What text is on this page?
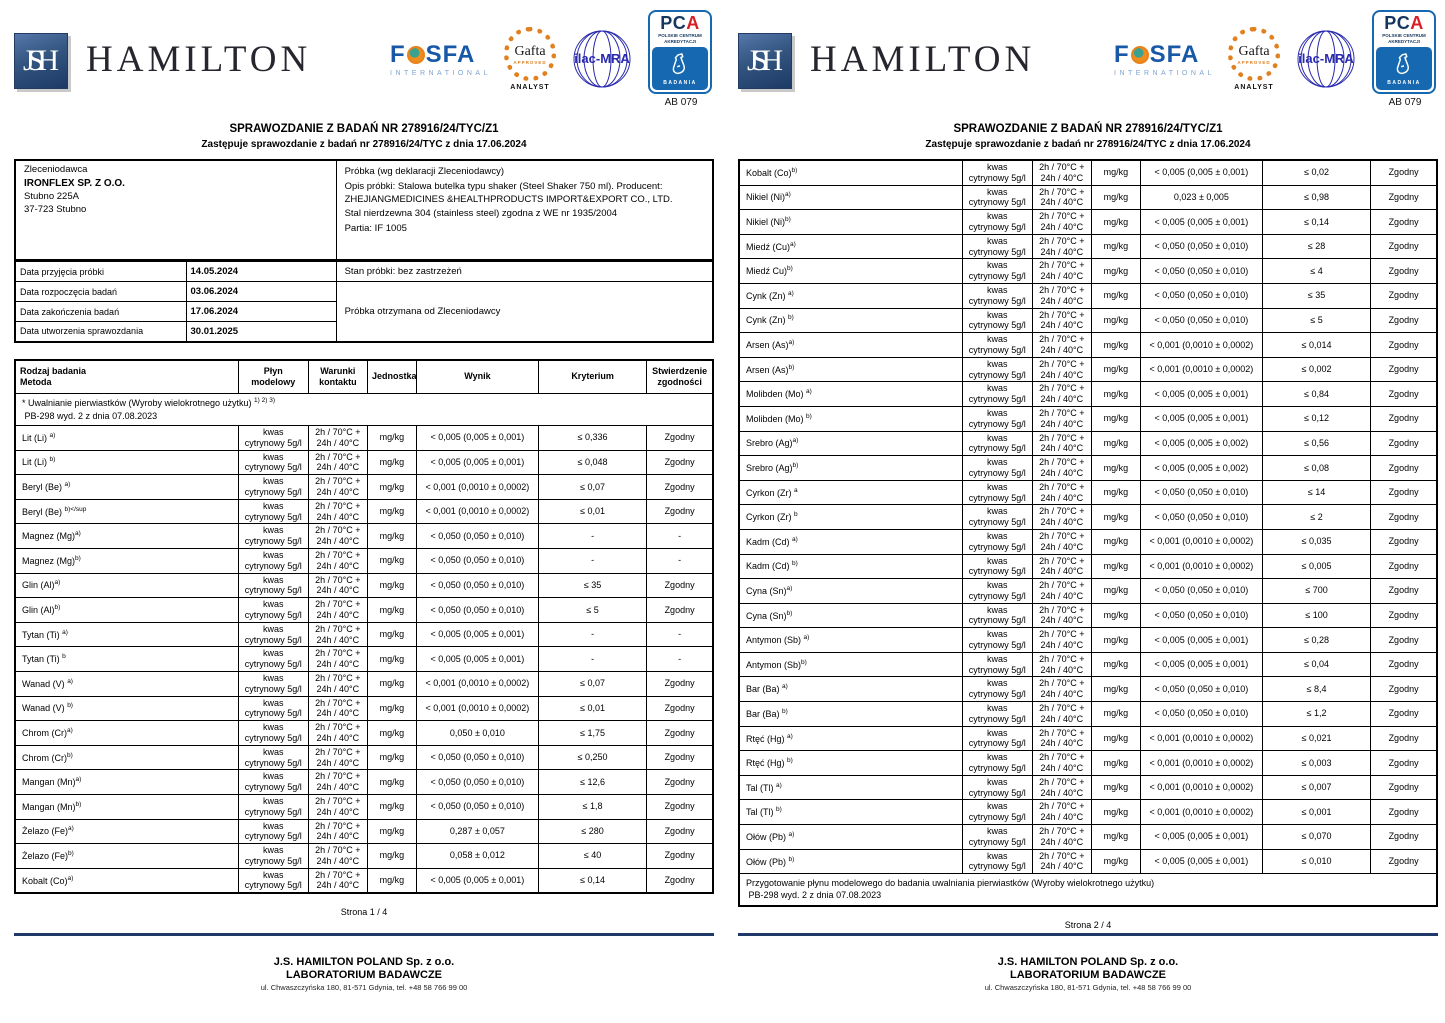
JSH HAMILTON	F SFA
INTERNATIONAL
Gafta
APPROVED
ANALYST
ilac-MRA
PCA
POLSKIE CENTRUM AKREDYTACJI
BADANIA
AB 079
SPRAWOZDANIE Z BADAŃ NR 278916/24/TYC/Z1
Zastępuje sprawozdanie z badań nr 278916/24/TYC z dnia 17.06.2024
Zleceniodawca
IRONFLEX SP. Z O.O.
Stubno 225A
37-723 Stubno

Próbka (wg deklaracji Zleceniodawcy)
Opis próbki: Stalowa butelka typu shaker (Steel Shaker 750 ml). Producent: ZHEJIANGMEDICINES &HEALTHPRODUCTS IMPORT&EXPORT CO., LTD.
Stal nierdzewna 304 (stainless steel) zgodna z WE nr 1935/2004
Partia: IF 1005
Data przyjęcia próbki	14.05.2024	Stan próbki: bez zastrzeżeń
Data rozpoczęcia badań	03.06.2024	Próbka otrzymana od Zleceniodawcy
Data zakończenia badań	17.06.2024	
Data utworzenia sprawozdania	30.01.2025	
Rodzaj badania
Metoda	Płyn modelowy	Warunki kontaktu	Jednostka	Wynik	Kryterium	Stwierdzenie zgodności

* Uwalnianie pierwiastków (Wyroby wielokrotnego użytku) $^{1) 2) 3)}$
PB-298 wyd. 2 z dnia 07.08.2023						

Lit (Li) $^{a)}$	kwas cytrynowy 5g/l	2h / 70°C + 24h / 40°C	mg/kg	< 0,005 (0,005 ± 0,001)	≤ 0,336	Zgodny
Lit (Li) $^{b)}$	kwas cytrynowy 5g/l	2h / 70°C + 24h / 40°C	mg/kg	< 0,005 (0,005 ± 0,001)	≤ 0,048	Zgodny
Beryl (Be) $^{a)}$	kwas cytrynowy 5g/l	2h / 70°C + 24h / 40°C	mg/kg	< 0,001 (0,0010 ± 0,0002)	≤ 0,07	Zgodny
Beryl (Be) $^{b)</sup}$	kwas cytrynowy 5g/l	2h / 70°C + 24h / 40°C	mg/kg	< 0,001 (0,0010 ± 0,0002)	≤ 0,01	Zgodny
Magnez $(Mg)^{a)}$	kwas cytrynowy 5g/l	2h / 70°C + 24h / 40°C	mg/kg	< 0,050 (0,050 ± 0,010)	-	-
Magnez $(Mg)^{b)}$	kwas cytrynowy 5g/l	2h / 70°C + 24h / 40°C	mg/kg	< 0,050 (0,050 ± 0,010)	-	-
Glin $(Al)^{a)}$	kwas cytrynowy 5g/l	2h / 70°C + 24h / 40°C	mg/kg	< 0,050 (0,050 ± 0,010)	≤ 35	Zgodny
Glin $(Al)^{b)}$	kwas cytrynowy 5g/l	2h / 70°C + 24h / 40°C	mg/kg	< 0,050 (0,050 ± 0,010)	≤ 5	Zgodny
Tytan (Ti) $^{a)}$	kwas cytrynowy 5g/l	2h / 70°C + 24h / 40°C	mg/kg	< 0,005 (0,005 ± 0,001)	-	-
Tytan (Ti) $^b$	kwas cytrynowy 5g/l	2h / 70°C + 24h / 40°C	mg/kg	< 0,005 (0,005 ± 0,001)	-	-
Wanad (V) $^{a)}$	kwas cytrynowy 5g/l	2h / 70°C + 24h / 40°C	mg/kg	< 0,001 (0,0010 ± 0,0002)	≤ 0,07	Zgodny
Wanad (V) $^{b)}$	kwas cytrynowy 5g/l	2h / 70°C + 24h / 40°C	mg/kg	< 0,001 (0,0010 ± 0,0002)	≤ 0,01	Zgodny
Chrom $(Cr)^{a)}$	kwas cytrynowy 5g/l	2h / 70°C + 24h / 40°C	mg/kg	0,050 ± 0,010	≤ 1,75	Zgodny
Chrom $(Cr)^{b)}$	kwas cytrynowy 5g/l	2h / 70°C + 24h / 40°C	mg/kg	< 0,050 (0,050 ± 0,010)	≤ 0,250	Zgodny
Mangan $(Mn)^{a)}$	kwas cytrynowy 5g/l	2h / 70°C + 24h / 40°C	mg/kg	< 0,050 (0,050 ± 0,010)	≤ 12,6	Zgodny
Mangan $(Mn)^{b)}$	kwas cytrynowy 5g/l	2h / 70°C + 24h / 40°C	mg/kg	< 0,050 (0,050 ± 0,010)	≤ 1,8	Zgodny
Żelazo $(Fe)^{a)}$	kwas cytrynowy 5g/l	2h / 70°C + 24h / 40°C	mg/kg	0,287 ± 0,057	≤ 280	Zgodny
Żelazo $(Fe)^{b)}$	kwas cytrynowy 5g/l	2h / 70°C + 24h / 40°C	mg/kg	0,058 ± 0,012	≤ 40	Zgodny
Kobalt $(Co)^{a)}$	kwas cytrynowy 5g/l	2h / 70°C + 24h / 40°C	mg/kg	< 0,005 (0,005 ± 0,001)	≤ 0,14	Zgodny
Strona 1 / 4
J.S. HAMILTON POLAND Sp. z o.o.
LABORATORIUM BADAWCZE
ul. Chwaszczyńska 180, 81-571 Gdynia, tel. +48 58 766 99 00
JSH HAMILTON	F SFA
INTERNATIONAL
Gafta
APPROVED
ANALYST
ilac-MRA
PCA
POLSKIE CENTRUM AKREDYTACJI
BADANIA
AB 079
SPRAWOZDANIE Z BADAŃ NR 278916/24/TYC/Z1
Zastępuje sprawozdanie z badań nr 278916/24/TYC z dnia 17.06.2024
Kobalt $(Co)^{b)}$	kwas cytrynowy 5g/l	2h / 70°C + 24h / 40°C	mg/kg	< 0,005 (0,005 ± 0,001)	≤ 0,02	Zgodny
Nikiel $(Ni)^{a)}$	kwas cytrynowy 5g/l	2h / 70°C + 24h / 40°C	mg/kg	0,023 ± 0,005	≤ 0,98	Zgodny
Nikiel $(Ni)^{b)}$	kwas cytrynowy 5g/l	2h / 70°C + 24h / 40°C	mg/kg	< 0,005 (0,005 ± 0,001)	≤ 0,14	Zgodny
Miedź $(Cu)^{a)}$	kwas cytrynowy 5g/l	2h / 70°C + 24h / 40°C	mg/kg	< 0,050 (0,050 ± 0,010)	≤ 28	Zgodny
Miedź Cu)$^{b)}$	kwas cytrynowy 5g/l	2h / 70°C + 24h / 40°C	mg/kg	< 0,050 (0,050 ± 0,010)	≤ 4	Zgodny
Cynk (Zn) $^{a)}$	kwas cytrynowy 5g/l	2h / 70°C + 24h / 40°C	mg/kg	< 0,050 (0,050 ± 0,010)	≤ 35	Zgodny
Cynk (Zn) $^{b)}$	kwas cytrynowy 5g/l	2h / 70°C + 24h / 40°C	mg/kg	< 0,050 (0,050 ± 0,010)	≤ 5	Zgodny
Arsen $(As)^{a)}$	kwas cytrynowy 5g/l	2h / 70°C + 24h / 40°C	mg/kg	< 0,001 (0,0010 ± 0,0002)	≤ 0,014	Zgodny
Arsen $(As)^{b)}$	kwas cytrynowy 5g/l	2h / 70°C + 24h / 40°C	mg/kg	< 0,001 (0,0010 ± 0,0002)	≤ 0,002	Zgodny
Molibden (Mo) $^{a)}$	kwas cytrynowy 5g/l	2h / 70°C + 24h / 40°C	mg/kg	< 0,005 (0,005 ± 0,001)	≤ 0,84	Zgodny
Molibden (Mo) $^{b)}$	kwas cytrynowy 5g/l	2h / 70°C + 24h / 40°C	mg/kg	< 0,005 (0,005 ± 0,001)	≤ 0,12	Zgodny
Srebro $(Ag)^{a)}$	kwas cytrynowy 5g/l	2h / 70°C + 24h / 40°C	mg/kg	< 0,005 (0,005 ± 0,002)	≤ 0,56	Zgodny
Srebro $(Ag)^{b)}$	kwas cytrynowy 5g/l	2h / 70°C + 24h / 40°C	mg/kg	< 0,005 (0,005 ± 0,002)	≤ 0,08	Zgodny
Cyrkon (Zr) $^a$	kwas cytrynowy 5g/l	2h / 70°C + 24h / 40°C	mg/kg	< 0,050 (0,050 ± 0,010)	≤ 14	Zgodny
Cyrkon (Zr) $^b$	kwas cytrynowy 5g/l	2h / 70°C + 24h / 40°C	mg/kg	< 0,050 (0,050 ± 0,010)	≤ 2	Zgodny
Kadm (Cd) $^{a)}$	kwas cytrynowy 5g/l	2h / 70°C + 24h / 40°C	mg/kg	< 0,001 (0,0010 ± 0,0002)	≤ 0,035	Zgodny
Kadm (Cd) $^{b)}$	kwas cytrynowy 5g/l	2h / 70°C + 24h / 40°C	mg/kg	< 0,001 (0,0010 ± 0,0002)	≤ 0,005	Zgodny
Cyna $(Sn)^{a)}$	kwas cytrynowy 5g/l	2h / 70°C + 24h / 40°C	mg/kg	< 0,050 (0,050 ± 0,010)	≤ 700	Zgodny
Cyna $(Sn)^{b)}$	kwas cytrynowy 5g/l	2h / 70°C + 24h / 40°C	mg/kg	< 0,050 (0,050 ± 0,010)	≤ 100	Zgodny
Antymon (Sb) $^{a)}$	kwas cytrynowy 5g/l	2h / 70°C + 24h / 40°C	mg/kg	< 0,005 (0,005 ± 0,001)	≤ 0,28	Zgodny
Antymon $(Sb)^{b)}$	kwas cytrynowy 5g/l	2h / 70°C + 24h / 40°C	mg/kg	< 0,005 (0,005 ± 0,001)	≤ 0,04	Zgodny
Bar (Ba) $^{a)}$	kwas cytrynowy 5g/l	2h / 70°C + 24h / 40°C	mg/kg	< 0,050 (0,050 ± 0,010)	≤ 8,4	Zgodny
Bar (Ba) $^{b)}$	kwas cytrynowy 5g/l	2h / 70°C + 24h / 40°C	mg/kg	< 0,050 (0,050 ± 0,010)	≤ 1,2	Zgodny
Rtęć (Hg) $^{a)}$	kwas cytrynowy 5g/l	2h / 70°C + 24h / 40°C	mg/kg	< 0,001 (0,0010 ± 0,0002)	≤ 0,021	Zgodny
Rtęć (Hg) $^{b)}$	kwas cytrynowy 5g/l	2h / 70°C + 24h / 40°C	mg/kg	< 0,001 (0,0010 ± 0,0002)	≤ 0,003	Zgodny
Tal (Tl) $^{a)}$	kwas cytrynowy 5g/l	2h / 70°C + 24h / 40°C	mg/kg	< 0,001 (0,0010 ± 0,0002)	≤ 0,007	Zgodny
Tal (Tl) $^{b)}$	kwas cytrynowy 5g/l	2h / 70°C + 24h / 40°C	mg/kg	< 0,001 (0,0010 ± 0,0002)	≤ 0,001	Zgodny
Ołów (Pb) $^{a)}$	kwas cytrynowy 5g/l	2h / 70°C + 24h / 40°C	mg/kg	< 0,005 (0,005 ± 0,001)	≤ 0,070	Zgodny
Ołów (Pb) $^{b)}$	kwas cytrynowy 5g/l	2h / 70°C + 24h / 40°C	mg/kg	< 0,005 (0,005 ± 0,001)	≤ 0,010	Zgodny

Przygotowanie płynu modelowego do badania uwalniania pierwiastków (Wyroby wielokrotnego użytku)
PB-298 wyd. 2 z dnia 07.08.2023						
Strona 2 / 4
J.S. HAMILTON POLAND Sp. z o.o.
LABORATORIUM BADAWCZE
ul. Chwaszczyńska 180, 81-571 Gdynia, tel. +48 58 766 99 00
